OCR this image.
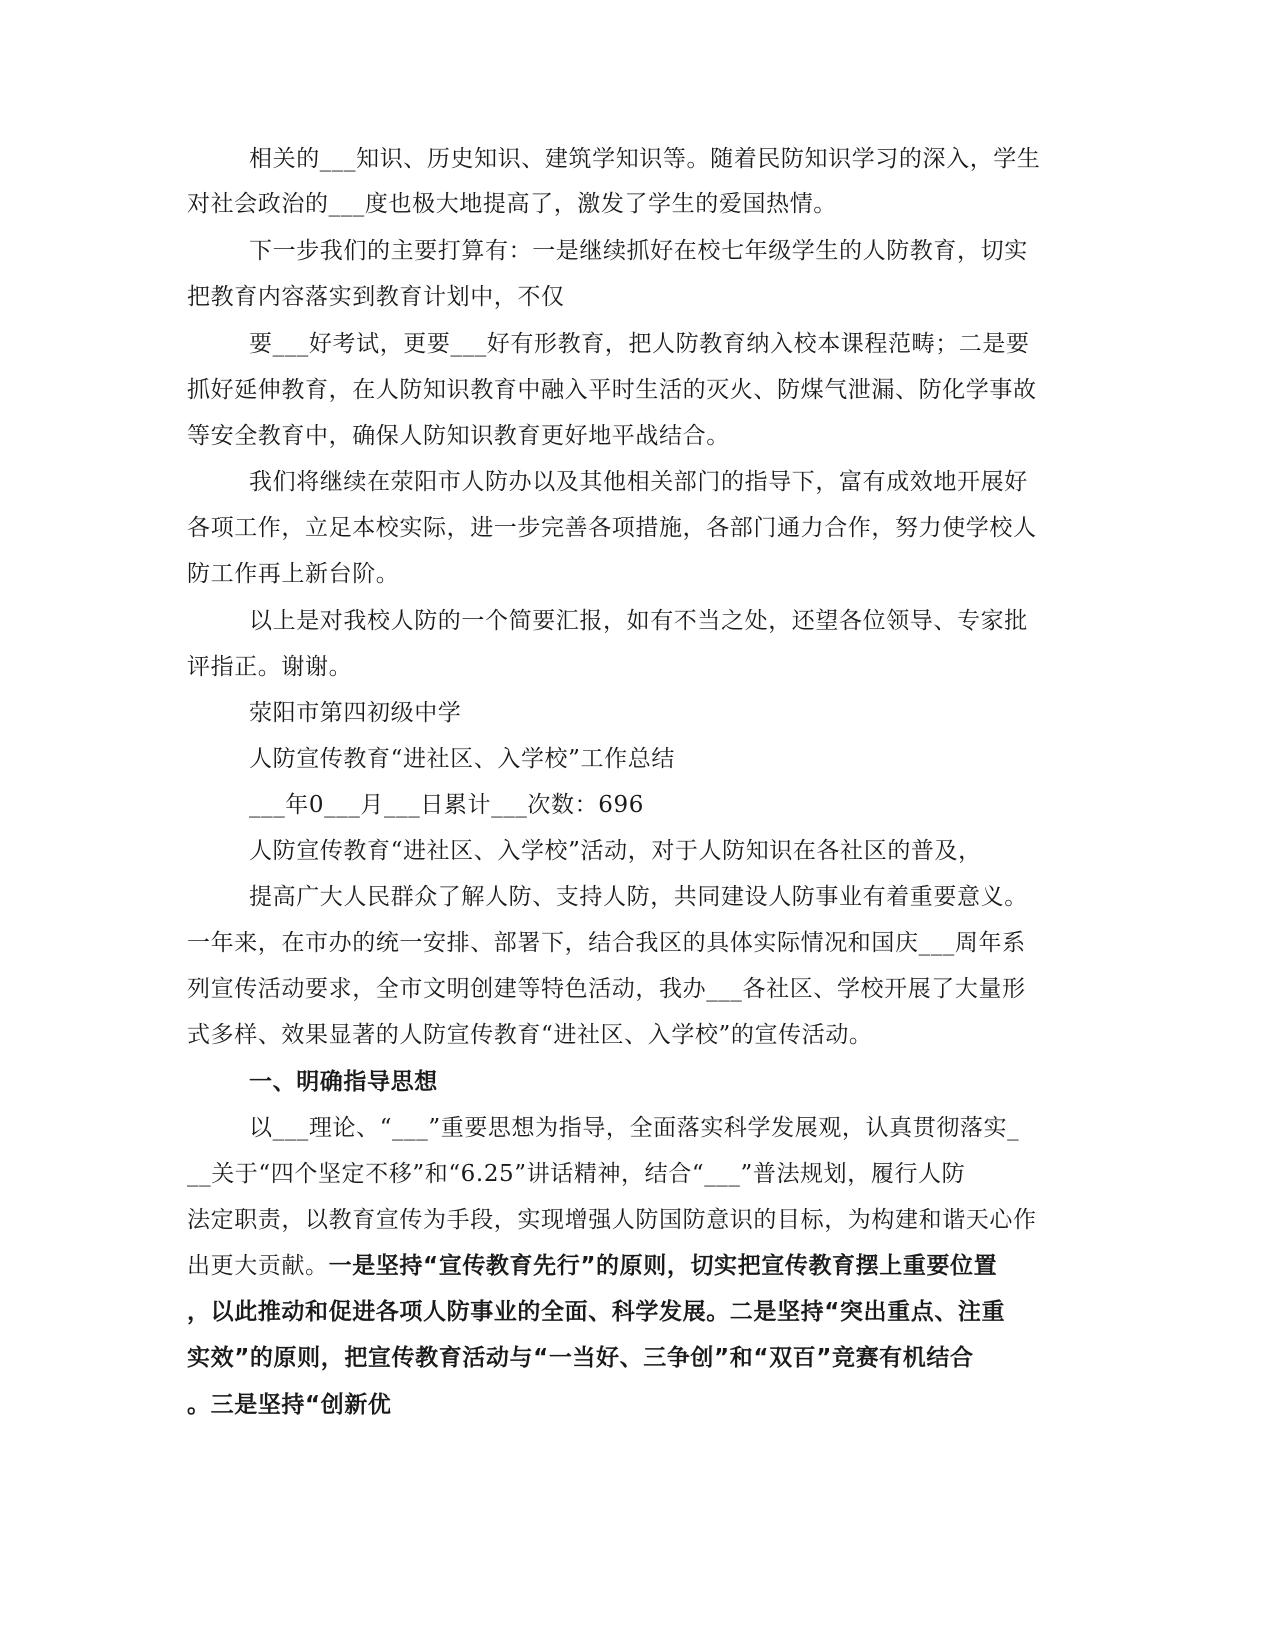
相关的___知识、历史知识、建筑学知识等。随着民防知识学习的深入，学生
对社会政治的___度也极大地提高了，激发了学生的爱国热情。
下一步我们的主要打算有：一是继续抓好在校七年级学生的人防教育，切实
把教育内容落实到教育计划中，不仅
要___好考试，更要___好有形教育，把人防教育纳入校本课程范畴；二是要
抓好延伸教育，在人防知识教育中融入平时生活的灭火、防煤气泄漏、防化学事故
等安全教育中，确保人防知识教育更好地平战结合。
我们将继续在荥阳市人防办以及其他相关部门的指导下，富有成效地开展好
各项工作，立足本校实际，进一步完善各项措施，各部门通力合作，努力使学校人
防工作再上新台阶。
以上是对我校人防的一个简要汇报，如有不当之处，还望各位领导、专家批
评指正。谢谢。
荥阳市第四初级中学
人防宣传教育“进社区、入学校”工作总结
___年0___月___日累计___次数：696
人防宣传教育“进社区、入学校”活动，对于人防知识在各社区的普及，
提高广大人民群众了解人防、支持人防，共同建设人防事业有着重要意义。
一年来，在市办的统一安排、部署下，结合我区的具体实际情况和国庆___周年系
列宣传活动要求，全市文明创建等特色活动，我办___各社区、学校开展了大量形
式多样、效果显著的人防宣传教育“进社区、入学校”的宣传活动。
一、明确指导思想
以___理论、“___”重要思想为指导，全面落实科学发展观，认真贯彻落实_
__关于“四个坚定不移”和“6.25”讲话精神，结合“___”普法规划，履行人防
法定职责，以教育宣传为手段，实现增强人防国防意识的目标，为构建和谐天心作
出更大贡献。一是坚持“宣传教育先行”的原则，切实把宣传教育摆上重要位置
，以此推动和促进各项人防事业的全面、科学发展。二是坚持“突出重点、注重
实效”的原则，把宣传教育活动与“一当好、三争创”和“双百”竞赛有机结合
。三是坚持“创新优
